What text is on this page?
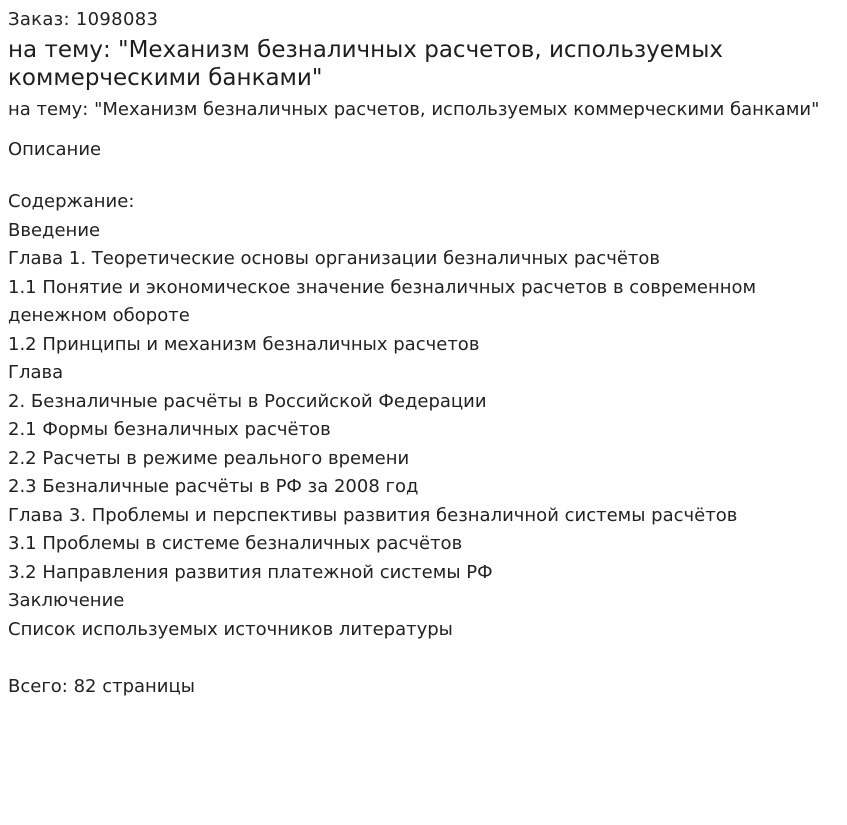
Заказ: 1098083
на тему: "Механизм безналичных расчетов, используемых коммерческими банками"
на тему: "Механизм безналичных расчетов, используемых коммерческими банками"
Описание
Содержание:
Введение
Глава 1. Теоретические основы организации безналичных расчётов
1.1 Понятие и экономическое значение безналичных расчетов в современном денежном обороте
1.2 Принципы и механизм безналичных расчетов
Глава
2. Безналичные расчёты в Российской Федерации
2.1 Формы безналичных расчётов
2.2 Расчеты в режиме реального времени
2.3 Безналичные расчёты в РФ за 2008 год
Глава 3. Проблемы и перспективы развития безналичной системы расчётов
3.1 Проблемы в системе безналичных расчётов
3.2 Направления развития платежной системы РФ
Заключение
Список используемых источников литературы
Всего: 82 страницы
